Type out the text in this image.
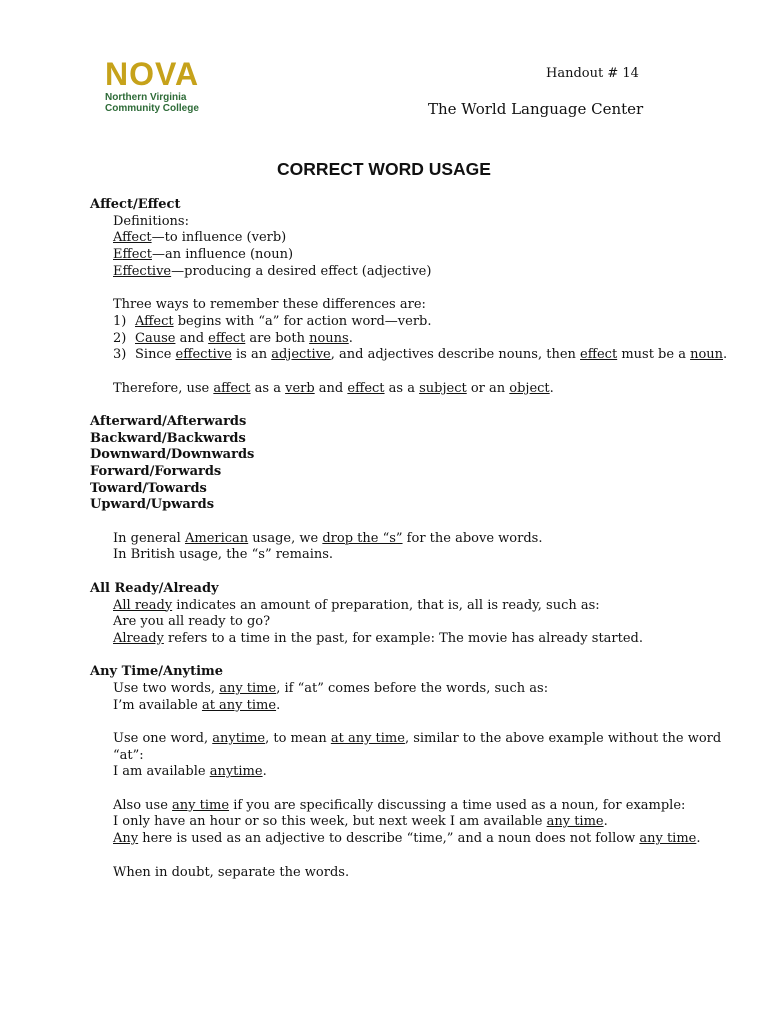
NOVA
Northern Virginia
Community College
Handout # 14
The World Language Center
CORRECT WORD USAGE
Affect/Effect
Definitions:
Affect—to influence (verb)
Effect—an influence (noun)
Effective—producing a desired effect (adjective)
Three ways to remember these differences are:
1) Affect begins with “a” for action word—verb.
2) Cause and effect are both nouns.
3) Since effective is an adjective, and adjectives describe nouns, then effect must be a noun.
Therefore, use affect as a verb and effect as a subject or an object.
Afterward/Afterwards
Backward/Backwards
Downward/Downwards
Forward/Forwards
Toward/Towards
Upward/Upwards
In general American usage, we drop the “s” for the above words.
In British usage, the “s” remains.
All Ready/Already
All ready indicates an amount of preparation, that is, all is ready, such as:
Are you all ready to go?
Already refers to a time in the past, for example: The movie has already started.
Any Time/Anytime
Use two words, any time, if “at” comes before the words, such as:
I’m available at any time.
Use one word, anytime, to mean at any time, similar to the above example without the word
“at”:
I am available anytime.
Also use any time if you are specifically discussing a time used as a noun, for example:
I only have an hour or so this week, but next week I am available any time.
Any here is used as an adjective to describe “time,” and a noun does not follow any time.
When in doubt, separate the words.
